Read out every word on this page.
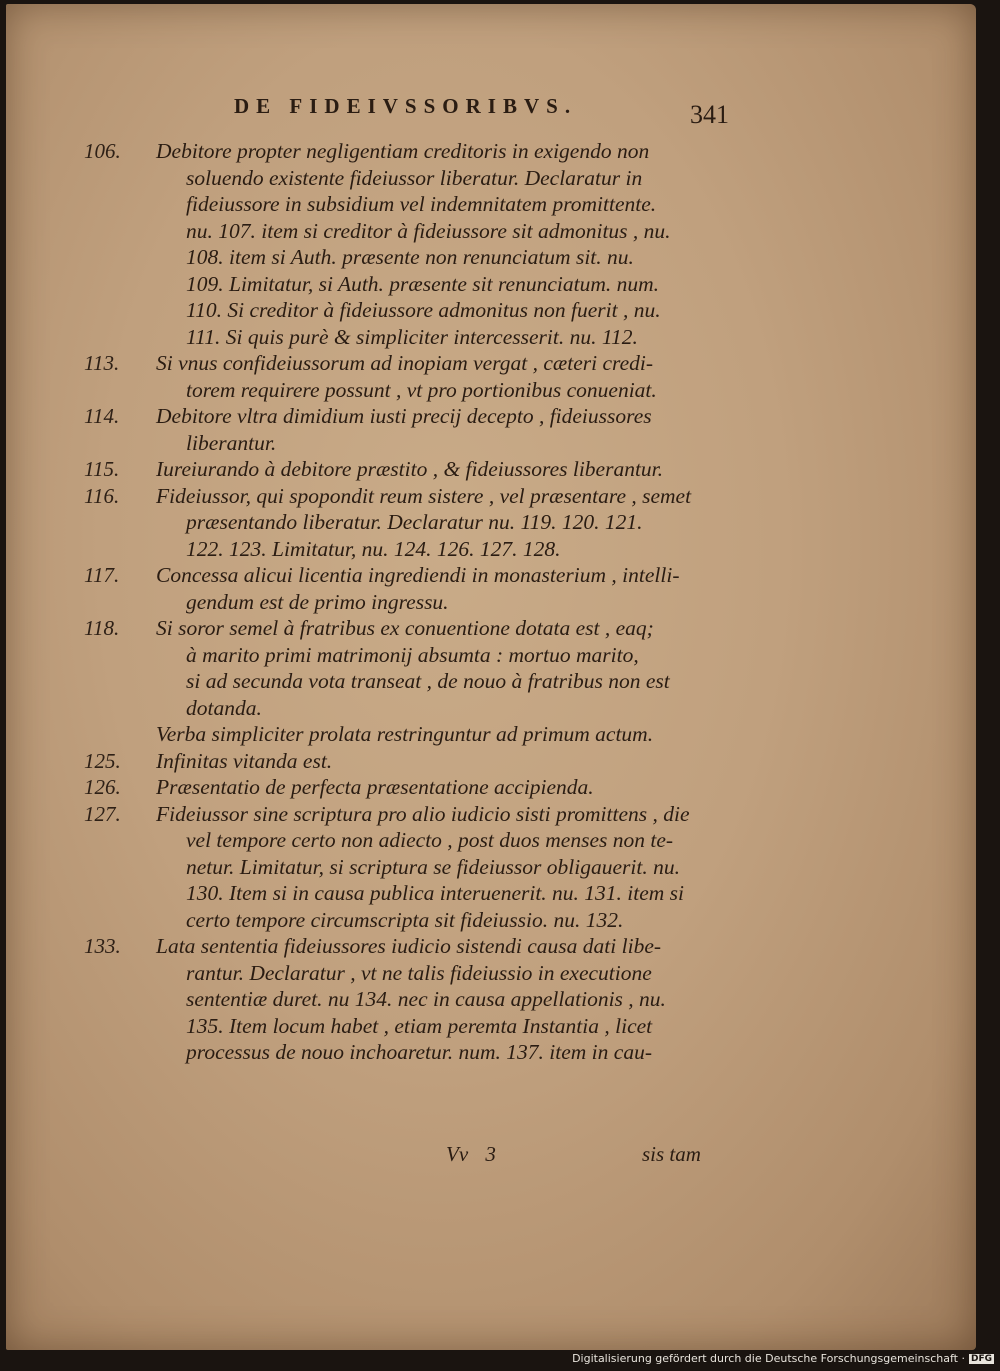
DE FIDEIVSSORIBVS.	341
106.	Debitore propter negligentiam creditoris in exigendo non
soluendo existente fideiussor liberatur. Declaratur in
fideiussore in subsidium vel indemnitatem promittente.
nu. 107. item si creditor à fideiussore sit admonitus , nu.
108. item si Auth. præsente non renunciatum sit. nu.
109. Limitatur, si Auth. præsente sit renunciatum. num.
110. Si creditor à fideiussore admonitus non fuerit , nu.
111. Si quis purè & simpliciter intercesserit. nu. 112.
113.	Si vnus confideiussorum ad inopiam vergat , cæteri credi-
torem requirere possunt , vt pro portionibus conueniat.
114.	Debitore vltra dimidium iusti precij decepto , fideiussores
liberantur.
115.	Iureiurando à debitore præstito , & fideiussores liberantur.
116.	Fideiussor, qui spopondit reum sistere , vel præsentare , semet
præsentando liberatur. Declaratur nu. 119. 120. 121.
122. 123. Limitatur, nu. 124. 126. 127. 128.
117.	Concessa alicui licentia ingrediendi in monasterium , intelli-
gendum est de primo ingressu.
118.	Si soror semel à fratribus ex conuentione dotata est , eaq;
à marito primi matrimonij absumta : mortuo marito,
si ad secunda vota transeat , de nouo à fratribus non est
dotanda.
Verba simpliciter prolata restringuntur ad primum actum.
125.	Infinitas vitanda est.
126.	Præsentatio de perfecta præsentatione accipienda.
127.	Fideiussor sine scriptura pro alio iudicio sisti promittens , die
vel tempore certo non adiecto , post duos menses non te-
netur. Limitatur, si scriptura se fideiussor obligauerit. nu.
130. Item si in causa publica interuenerit. nu. 131. item si
certo tempore circumscripta sit fideiussio. nu. 132.
133.	Lata sententia fideiussores iudicio sistendi causa dati libe-
rantur. Declaratur , vt ne talis fideiussio in executione
sententiæ duret. nu 134. nec in causa appellationis , nu.
135. Item locum habet , etiam peremta Instantia , licet
processus de nouo inchoaretur. num. 137. item in cau-
Vv 3	sis tam
Digitalisierung gefördert durch die Deutsche Forschungsgemeinschaft · DFG
